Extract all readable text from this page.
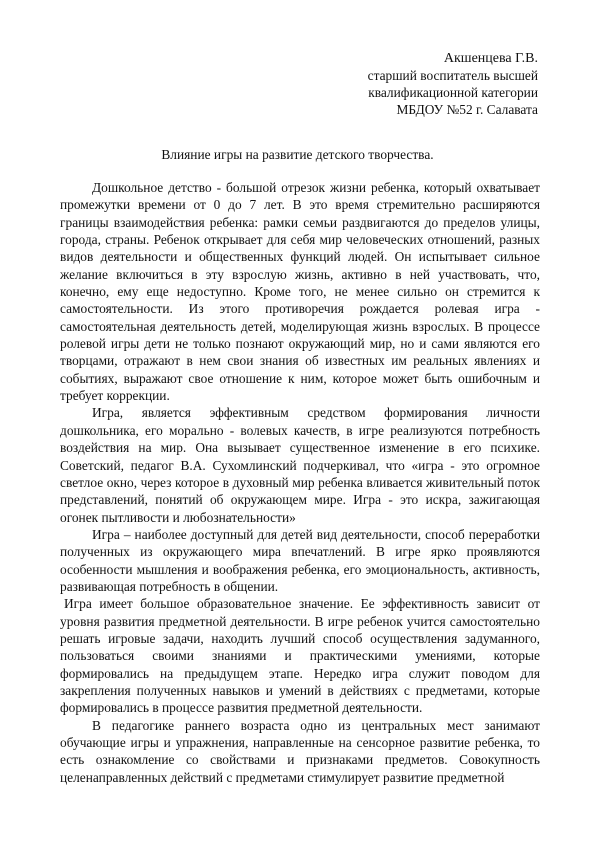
Акшенцева Г.В.
старший воспитатель высшей
квалификационной категории
МБДОУ №52 г. Салавата
Влияние игры на развитие детского творчества.

Дошкольное детство - большой отрезок жизни ребенка, который охватывает промежутки времени от 0 до 7 лет. В это время стремительно расширяются границы взаимодействия ребенка: рамки семьи раздвигаются до пределов улицы, города, страны. Ребенок открывает для себя мир человеческих отношений, разных видов деятельности и общественных функций людей. Он испытывает сильное желание включиться в эту взрослую жизнь, активно в ней участвовать, что, конечно, ему еще недоступно. Кроме того, не менее сильно он стремится к самостоятельности. Из этого противоречия рождается ролевая игра - самостоятельная деятельность детей, моделирующая жизнь взрослых. В процессе ролевой игры дети не только познают окружающий мир, но и сами являются его творцами, отражают в нем свои знания об известных им реальных явлениях и событиях, выражают свое отношение к ним, которое может быть ошибочным и требует коррекции.

Игра, является эффективным средством формирования личности дошкольника, его морально - волевых качеств, в игре реализуются потребность воздействия на мир. Она вызывает существенное изменение в его психике. Советский, педагог В.А. Сухомлинский подчеркивал, что «игра - это огромное светлое окно, через которое в духовный мир ребенка вливается живительный поток представлений, понятий об окружающем мире. Игра - это искра, зажигающая огонек пытливости и любознательности»

Игра – наиболее доступный для детей вид деятельности, способ переработки полученных из окружающего мира впечатлений. В игре ярко проявляются особенности мышления и воображения ребенка, его эмоциональность, активность, развивающая потребность в общении.

Игра имеет большое образовательное значение. Ее эффективность зависит от уровня развития предметной деятельности. В игре ребенок учится самостоятельно решать игровые задачи, находить лучший способ осуществления задуманного, пользоваться своими знаниями и практическими умениями, которые формировались на предыдущем этапе. Нередко игра служит поводом для закрепления полученных навыков и умений в действиях с предметами, которые формировались в процессе развития предметной деятельности.

В педагогике раннего возраста одно из центральных мест занимают обучающие игры и упражнения, направленные на сенсорное развитие ребенка, то есть ознакомление со свойствами и признаками предметов. Совокупность целенаправленных действий с предметами стимулирует развитие предметной
